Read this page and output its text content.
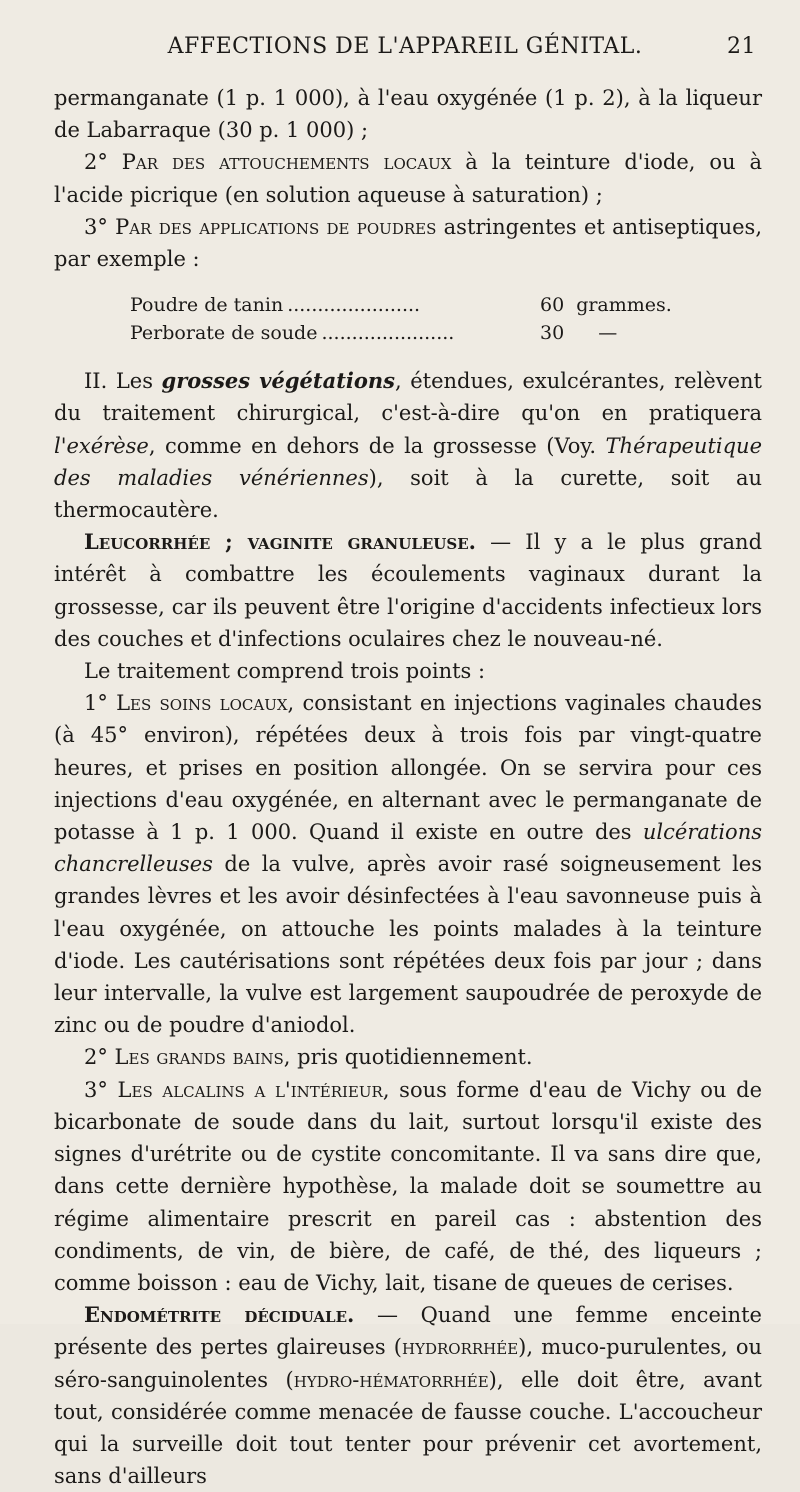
AFFECTIONS DE L'APPAREIL GÉNITAL.	21

permanganate (1 p. 1 000), à l'eau oxygénée (1 p. 2), à la liqueur de Labarraque (30 p. 1 000) ;

2° Par des attouchements locaux à la teinture d'iode, ou à l'acide picrique (en solution aqueuse à saturation) ;

3° Par des applications de poudres astringentes et antiseptiques, par exemple :

Poudre de tanin ......................	60 grammes.
Perborate de soude ......................	30 —

II. Les grosses végétations, étendues, exulcérantes, relèvent du traitement chirurgical, c'est-à-dire qu'on en pratiquera l'exérèse, comme en dehors de la grossesse (Voy. Thérapeutique des maladies vénériennes), soit à la curette, soit au thermocautère.

Leucorrhée ; vaginite granuleuse. — Il y a le plus grand intérêt à combattre les écoulements vaginaux durant la grossesse, car ils peuvent être l'origine d'accidents infectieux lors des couches et d'infections oculaires chez le nouveau-né.

Le traitement comprend trois points :

1° Les soins locaux, consistant en injections vaginales chaudes (à 45° environ), répétées deux à trois fois par vingt-quatre heures, et prises en position allongée. On se servira pour ces injections d'eau oxygénée, en alternant avec le permanganate de potasse à 1 p. 1 000. Quand il existe en outre des ulcérations chancrelleuses de la vulve, après avoir rasé soigneusement les grandes lèvres et les avoir désinfectées à l'eau savonneuse puis à l'eau oxygénée, on attouche les points malades à la teinture d'iode. Les cautérisations sont répétées deux fois par jour ; dans leur intervalle, la vulve est largement saupoudrée de peroxyde de zinc ou de poudre d'aniodol.

2° Les grands bains, pris quotidiennement.

3° Les alcalins a l'intérieur, sous forme d'eau de Vichy ou de bicarbonate de soude dans du lait, surtout lorsqu'il existe des signes d'urétrite ou de cystite concomitante. Il va sans dire que, dans cette dernière hypothèse, la malade doit se soumettre au régime alimentaire prescrit en pareil cas : abstention des condiments, de vin, de bière, de café, de thé, des liqueurs ; comme boisson : eau de Vichy, lait, tisane de queues de cerises.

Endométrite déciduale. — Quand une femme enceinte présente des pertes glaireuses (hydrorrhée), muco-purulentes, ou séro-sanguinolentes (hydro-hématorrhée), elle doit être, avant tout, considérée comme menacée de fausse couche. L'accoucheur qui la surveille doit tout tenter pour prévenir cet avortement, sans d'ailleurs
